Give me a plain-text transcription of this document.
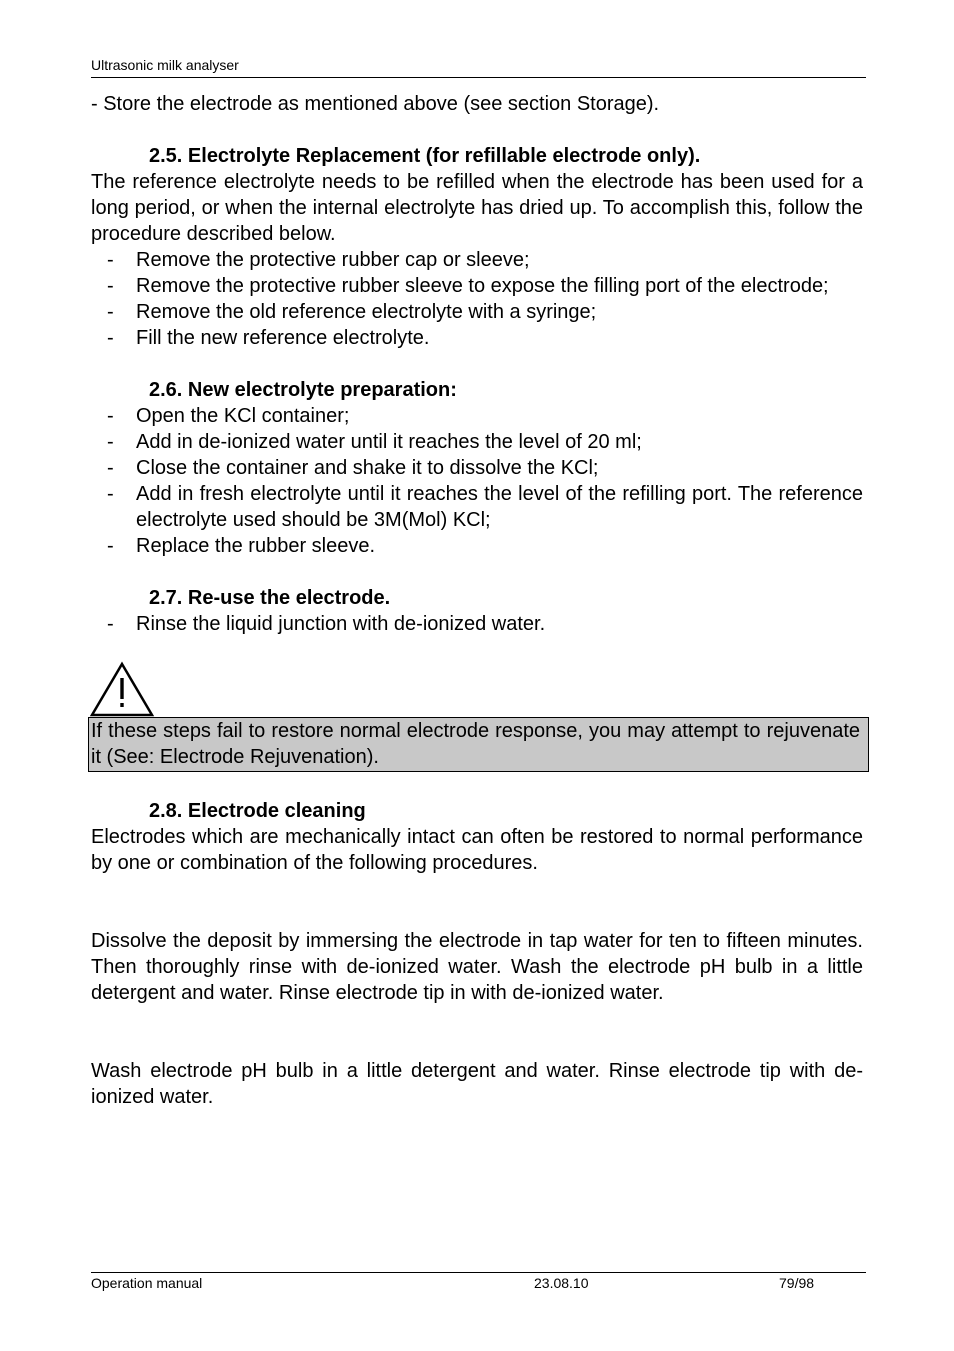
Ultrasonic milk analyser

- Store the electrode as mentioned above (see section Storage).

2.5. Electrolyte Replacement (for refillable electrode only).

The reference electrolyte needs to be refilled when the electrode has been used for a long period, or when the internal electrolyte has dried up. To accomplish this, follow the procedure described below.

- Remove the protective rubber cap or sleeve;
- Remove the protective rubber sleeve to expose the filling port of the electrode;
- Remove the old reference electrolyte with a syringe;
- Fill the new reference electrolyte.

2.6. New electrolyte preparation:

- Open the KCl container;
- Add in de-ionized water until it reaches the level of 20 ml;
- Close the container and shake it to dissolve the KCl;
- Add in fresh electrolyte until it reaches the level of the refilling port. The reference electrolyte used should be 3M(Mol) KCl;
- Replace the rubber sleeve.

2.7. Re-use the electrode.

- Rinse the liquid junction with de-ionized water.
If these steps fail to restore normal electrode response, you may attempt to rejuvenate it (See: Electrode Rejuvenation).

2.8. Electrode cleaning

Electrodes which are mechanically intact can often be restored to normal performance by one or combination of the following procedures.

Dissolve the deposit by immersing the electrode in tap water for ten to fifteen minutes. Then thoroughly rinse with de-ionized water. Wash the electrode pH bulb in a little detergent and water. Rinse electrode tip in with de-ionized water.

Wash electrode pH bulb in a little detergent and water. Rinse electrode tip with de-ionized water.

Operation manual	23.08.10	79/98
